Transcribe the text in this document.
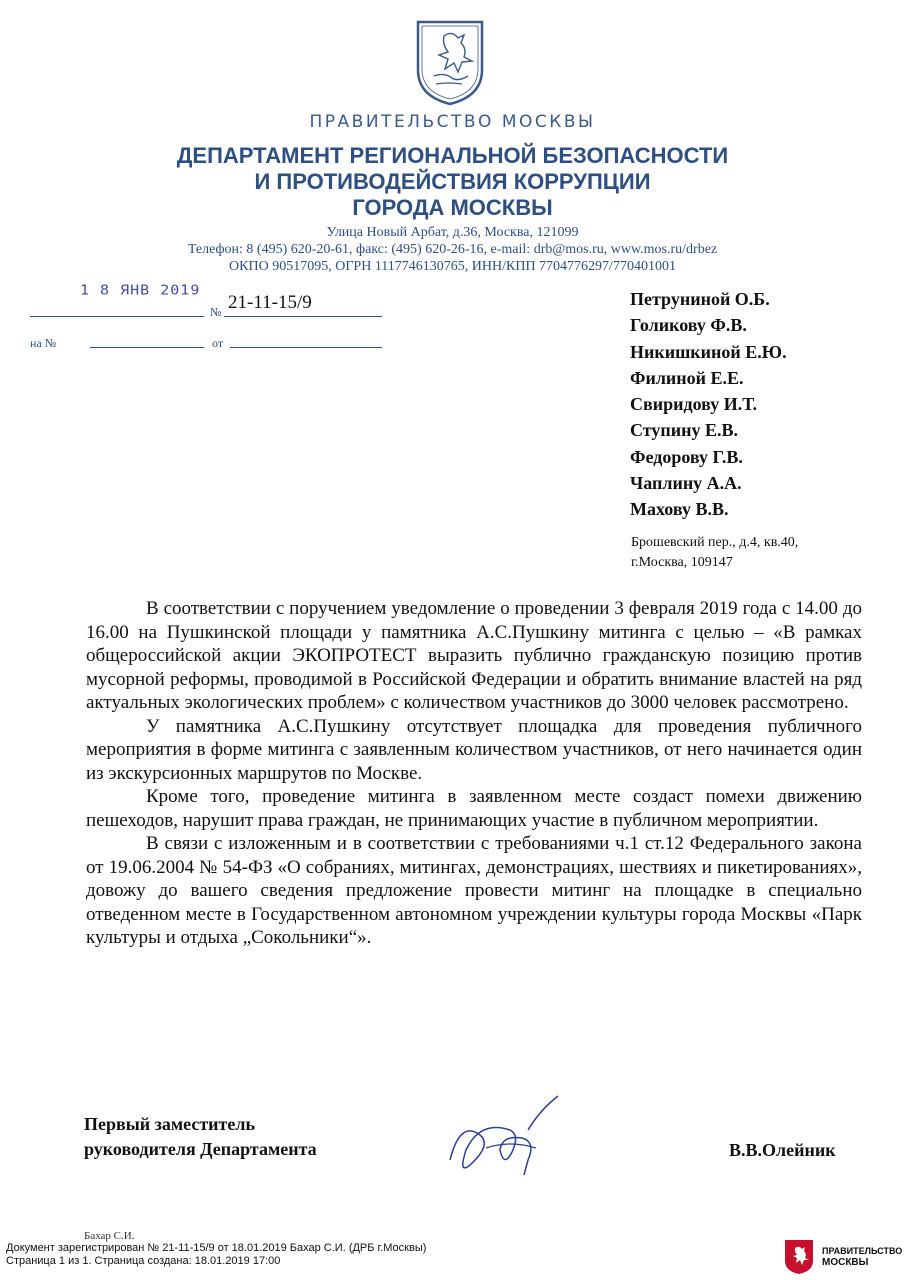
ПРАВИТЕЛЬСТВО МОСКВЫ
ДЕПАРТАМЕНТ РЕГИОНАЛЬНОЙ БЕЗОПАСНОСТИ
И ПРОТИВОДЕЙСТВИЯ КОРРУПЦИИ
ГОРОДА МОСКВЫ
Улица Новый Арбат, д.36, Москва, 121099
Телефон: 8 (495) 620-20-61, факс: (495) 620-26-16, e-mail: drb@mos.ru, www.mos.ru/drbez
ОКПО 90517095, ОГРН 1117746130765, ИНН/КПП 7704776297/770401001
1 8 ЯНВ 2019
№ 21-11-15/9
на №	от
Петруниной О.Б.
Голикову Ф.В.
Никишкиной Е.Ю.
Филиной Е.Е.
Свиридову И.Т.
Ступину Е.В.
Федорову Г.В.
Чаплину А.А.
Махову В.В.
Брошевский пер., д.4, кв.40,
г.Москва, 109147

В соответствии с поручением уведомление о проведении 3 февраля 2019 года с 14.00 до 16.00 на Пушкинской площади у памятника А.С.Пушкину митинга с целью – «В рамках общероссийской акции ЭКОПРОТЕСТ выразить публично гражданскую позицию против мусорной реформы, проводимой в Российской Федерации и обратить внимание властей на ряд актуальных экологических проблем» с количеством участников до 3000 человек рассмотрено.

У памятника А.С.Пушкину отсутствует площадка для проведения публичного мероприятия в форме митинга с заявленным количеством участников, от него начинается один из экскурсионных маршрутов по Москве.

Кроме того, проведение митинга в заявленном месте создаст помехи движению пешеходов, нарушит права граждан, не принимающих участие в публичном мероприятии.

В связи с изложенным и в соответствии с требованиями ч.1 ст.12 Федерального закона от 19.06.2004 № 54-ФЗ «О собраниях, митингах, демонстрациях, шествиях и пикетированиях», довожу до вашего сведения предложение провести митинг на площадке в специально отведенном месте в Государственном автономном учреждении культуры города Москвы «Парк культуры и отдыха „Сокольники“».

Первый заместитель
руководителя Департамента	В.В.Олейник
Бахар С.И.
Документ зарегистрирован № 21-11-15/9 от 18.01.2019 Бахар С.И. (ДРБ г.Москвы)
Страница 1 из 1. Страница создана: 18.01.2019 17:00
ПРАВИТЕЛЬСТВО
МОСКВЫ
